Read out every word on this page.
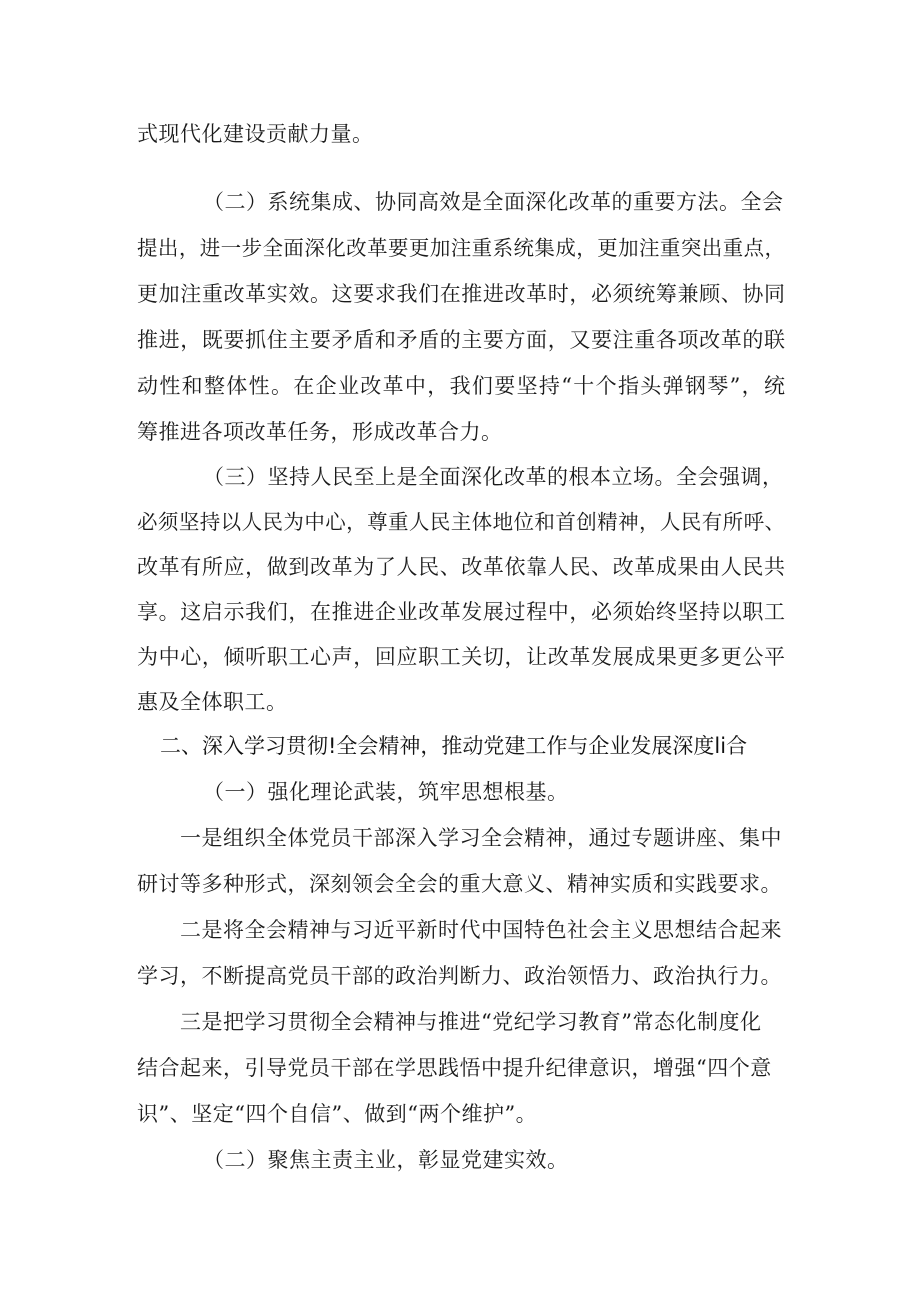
式现代化建设贡献力量。

（二）系统集成、协同高效是全面深化改革的重要方法。全会

提出，进一步全面深化改革要更加注重系统集成，更加注重突出重点，

更加注重改革实效。这要求我们在推进改革时，必须统筹兼顾、协同

推进，既要抓住主要矛盾和矛盾的主要方面，又要注重各项改革的联

动性和整体性。在企业改革中，我们要坚持“十个指头弹钢琴”，统

筹推进各项改革任务，形成改革合力。

（三）坚持人民至上是全面深化改革的根本立场。全会强调，

必须坚持以人民为中心，尊重人民主体地位和首创精神，人民有所呼、

改革有所应，做到改革为了人民、改革依靠人民、改革成果由人民共

享。这启示我们，在推进企业改革发展过程中，必须始终坚持以职工

为中心，倾听职工心声，回应职工关切，让改革发展成果更多更公平

惠及全体职工。

二、深入学习贯彻!全会精神，推动党建工作与企业发展深度li合

（一）强化理论武装，筑牢思想根基。

一是组织全体党员干部深入学习全会精神，通过专题讲座、集中

研讨等多种形式，深刻领会全会的重大意义、精神实质和实践要求。

二是将全会精神与习近平新时代中国特色社会主义思想结合起来

学习，不断提高党员干部的政治判断力、政治领悟力、政治执行力。

三是把学习贯彻全会精神与推进“党纪学习教育”常态化制度化

结合起来，引导党员干部在学思践悟中提升纪律意识，增强“四个意

识”、坚定“四个自信”、做到“两个维护”。

（二）聚焦主责主业，彰显党建实效。
